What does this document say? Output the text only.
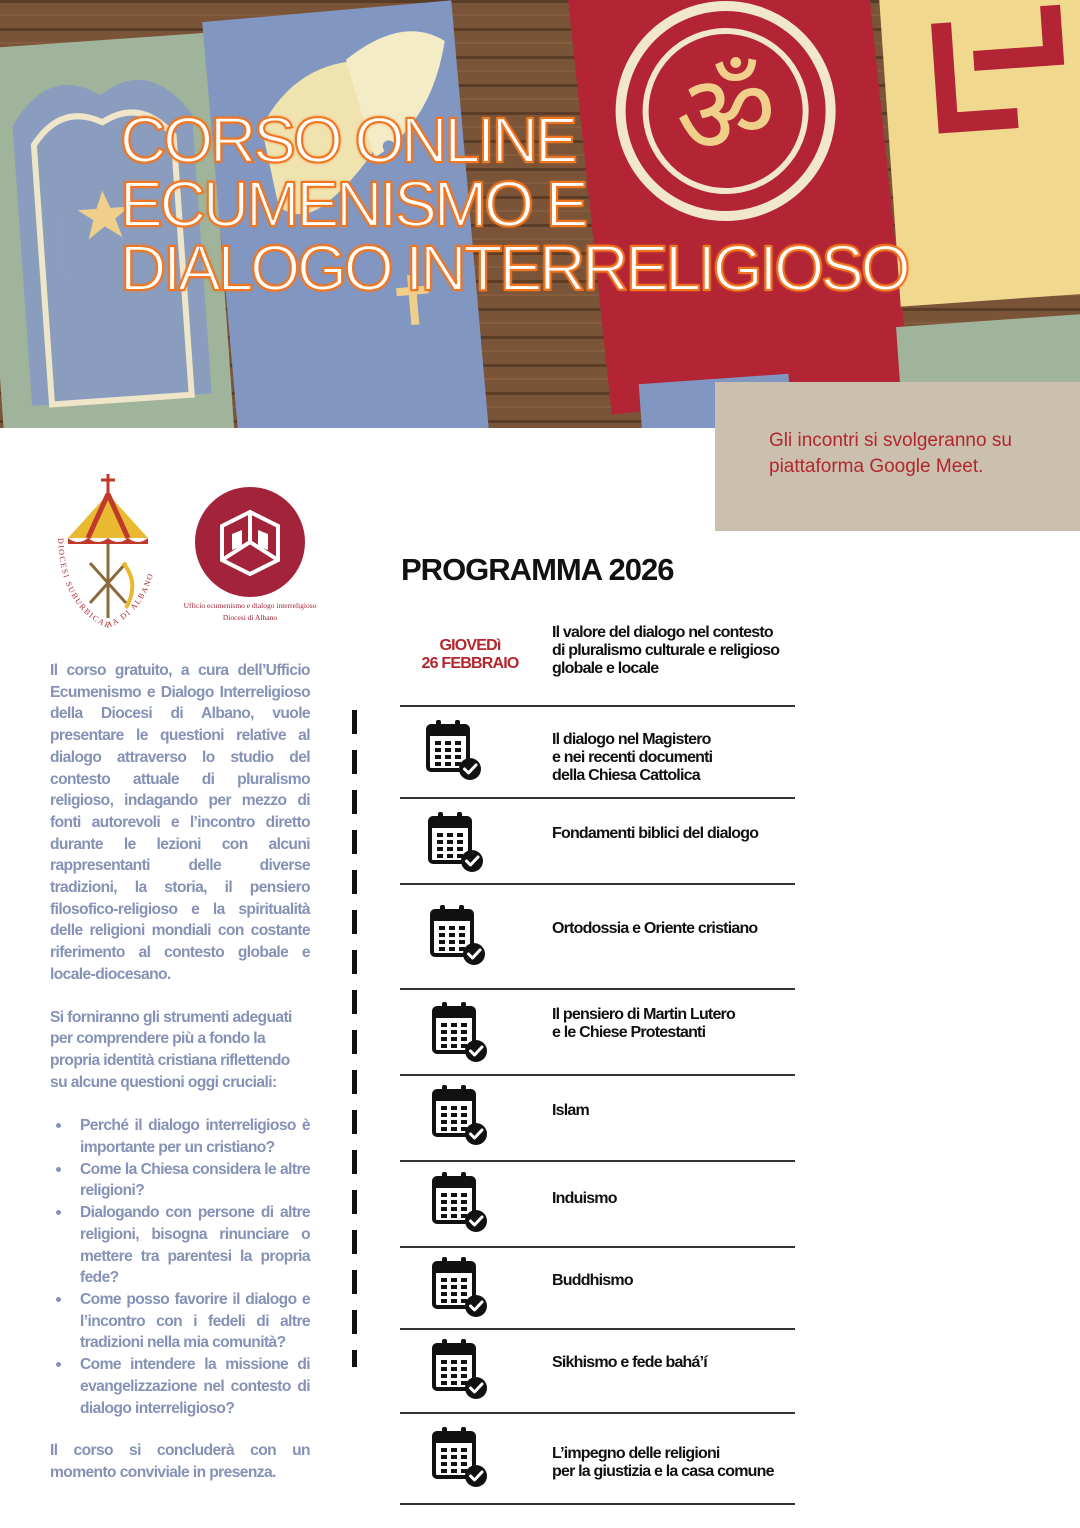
ॐ
CORSO ONLINE
ECUMENISMO E
DIALOGO INTERRELIGIOSO

Gli incontri si svolgeranno su piattaforma Google Meet.

DIOCESI SUBURBICARIA DI ALBANO
Ufficio ecumenismo e dialogo interreligioso
Diocesi di Albano

Il corso gratuito, a cura dell’Ufficio Ecumenismo e Dialogo Interreligioso della Diocesi di Albano, vuole presentare le questioni relative al dialogo attraverso lo studio del contesto attuale di pluralismo religioso, indagando per mezzo di fonti autorevoli e l’incontro diretto durante le lezioni con alcuni rappresentanti delle diverse tradizioni, la storia, il pensiero filosofico-religioso e la spiritualità delle religioni mondiali con costante riferimento al contesto globale e locale-diocesano.

Si forniranno gli strumenti adeguati per comprendere più a fondo la propria identità cristiana riflettendo su alcune questioni oggi cruciali:

Perché il dialogo interreligioso è importante per un cristiano?
Come la Chiesa considera le altre religioni?
Dialogando con persone di altre religioni, bisogna rinunciare o mettere tra parentesi la propria fede?
Come posso favorire il dialogo e l’incontro con i fedeli di altre tradizioni nella mia comunità?
Come intendere la missione di evangelizzazione nel contesto di dialogo interreligioso?

Il corso si concluderà con un momento conviviale in presenza.

PROGRAMMA 2026
GIOVEDì
26 FEBBRAIO
Il valore del dialogo nel contesto
di pluralismo culturale e religioso
globale e locale
Il dialogo nel Magistero
e nei recenti documenti
della Chiesa Cattolica
Fondamenti biblici del dialogo
Ortodossia e Oriente cristiano
Il pensiero di Martin Lutero
e le Chiese Protestanti
Islam
Induismo
Buddhismo
Sikhismo e fede bahá’í
L’impegno delle religioni
per la giustizia e la casa comune
